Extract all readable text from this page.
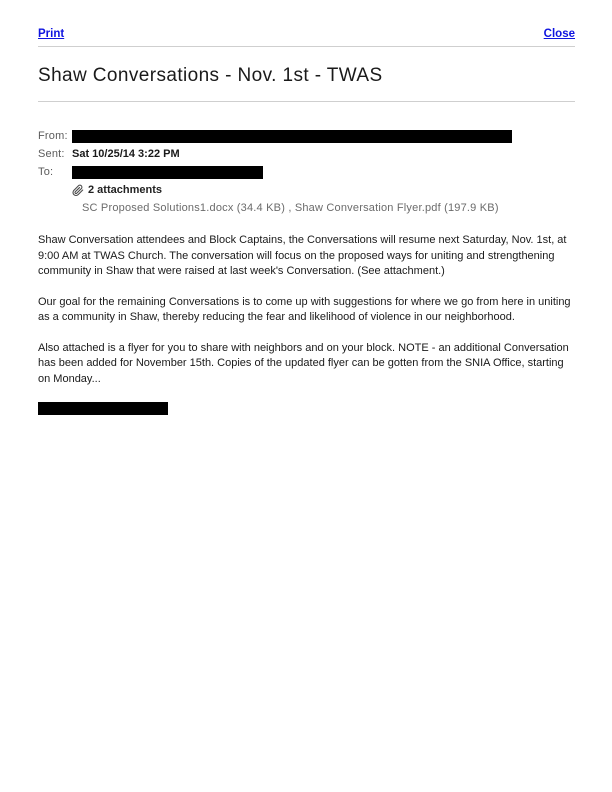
Print	Close
Shaw Conversations - Nov. 1st - TWAS
From:
Sent: Sat 10/25/14 3:22 PM
To:
2 attachments
SC Proposed Solutions1.docx (34.4 KB) , Shaw Conversation Flyer.pdf (197.9 KB)

Shaw Conversation attendees and Block Captains, the Conversations will resume next Saturday, Nov. 1st, at 9:00 AM at TWAS Church. The conversation will focus on the proposed ways for uniting and strengthening community in Shaw that were raised at last week's Conversation. (See attachment.)

Our goal for the remaining Conversations is to come up with suggestions for where we go from here in uniting as a community in Shaw, thereby reducing the fear and likelihood of violence in our neighborhood.

Also attached is a flyer for you to share with neighbors and on your block. NOTE - an additional Conversation has been added for November 15th. Copies of the updated flyer can be gotten from the SNIA Office, starting on Monday...
